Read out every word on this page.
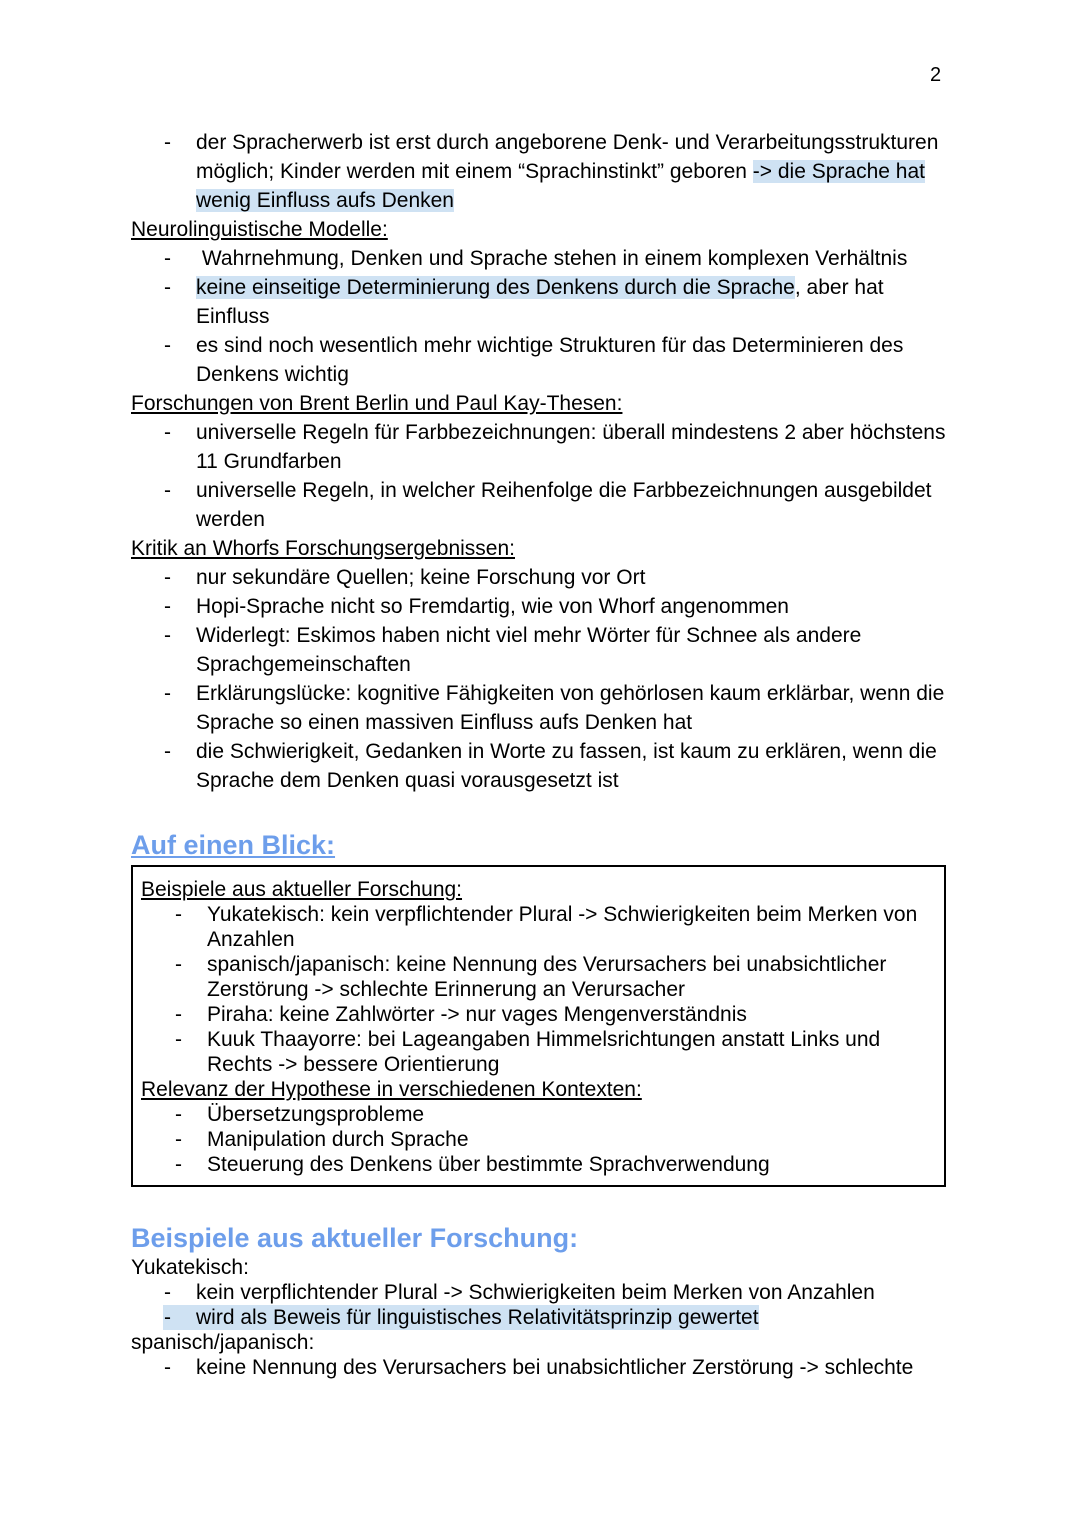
2
- der Spracherwerb ist erst durch angeborene Denk- und Verarbeitungsstrukturen möglich; Kinder werden mit einem “Sprachinstinkt” geboren -> die Sprache hat wenig Einfluss aufs Denken
Neurolinguistische Modelle:
-  Wahrnehmung, Denken und Sprache stehen in einem komplexen Verhältnis
- keine einseitige Determinierung des Denkens durch die Sprache, aber hat Einfluss
- es sind noch wesentlich mehr wichtige Strukturen für das Determinieren des Denkens wichtig
Forschungen von Brent Berlin und Paul Kay-Thesen:
- universelle Regeln für Farbbezeichnungen: überall mindestens 2 aber höchstens 11 Grundfarben
- universelle Regeln, in welcher Reihenfolge die Farbbezeichnungen ausgebildet werden
Kritik an Whorfs Forschungsergebnissen:
- nur sekundäre Quellen; keine Forschung vor Ort
- Hopi-Sprache nicht so Fremdartig, wie von Whorf angenommen
- Widerlegt: Eskimos haben nicht viel mehr Wörter für Schnee als andere Sprachgemeinschaften
- Erklärungslücke: kognitive Fähigkeiten von gehörlosen kaum erklärbar, wenn die Sprache so einen massiven Einfluss aufs Denken hat
- die Schwierigkeit, Gedanken in Worte zu fassen, ist kaum zu erklären, wenn die Sprache dem Denken quasi vorausgesetzt ist
Auf einen Blick:
Beispiele aus aktueller Forschung:
- Yukatekisch: kein verpflichtender Plural -> Schwierigkeiten beim Merken von Anzahlen
- spanisch/japanisch: keine Nennung des Verursachers bei unabsichtlicher Zerstörung -> schlechte Erinnerung an Verursacher
- Piraha: keine Zahlwörter -> nur vages Mengenverständnis
- Kuuk Thaayorre: bei Lageangaben Himmelsrichtungen anstatt Links und Rechts -> bessere Orientierung
Relevanz der Hypothese in verschiedenen Kontexten:
- Übersetzungsprobleme
- Manipulation durch Sprache
- Steuerung des Denkens über bestimmte Sprachverwendung
Beispiele aus aktueller Forschung:
Yukatekisch:
- kein verpflichtender Plural -> Schwierigkeiten beim Merken von Anzahlen
- wird als Beweis für linguistisches Relativitätsprinzip gewertet
spanisch/japanisch:
- keine Nennung des Verursachers bei unabsichtlicher Zerstörung -> schlechte
